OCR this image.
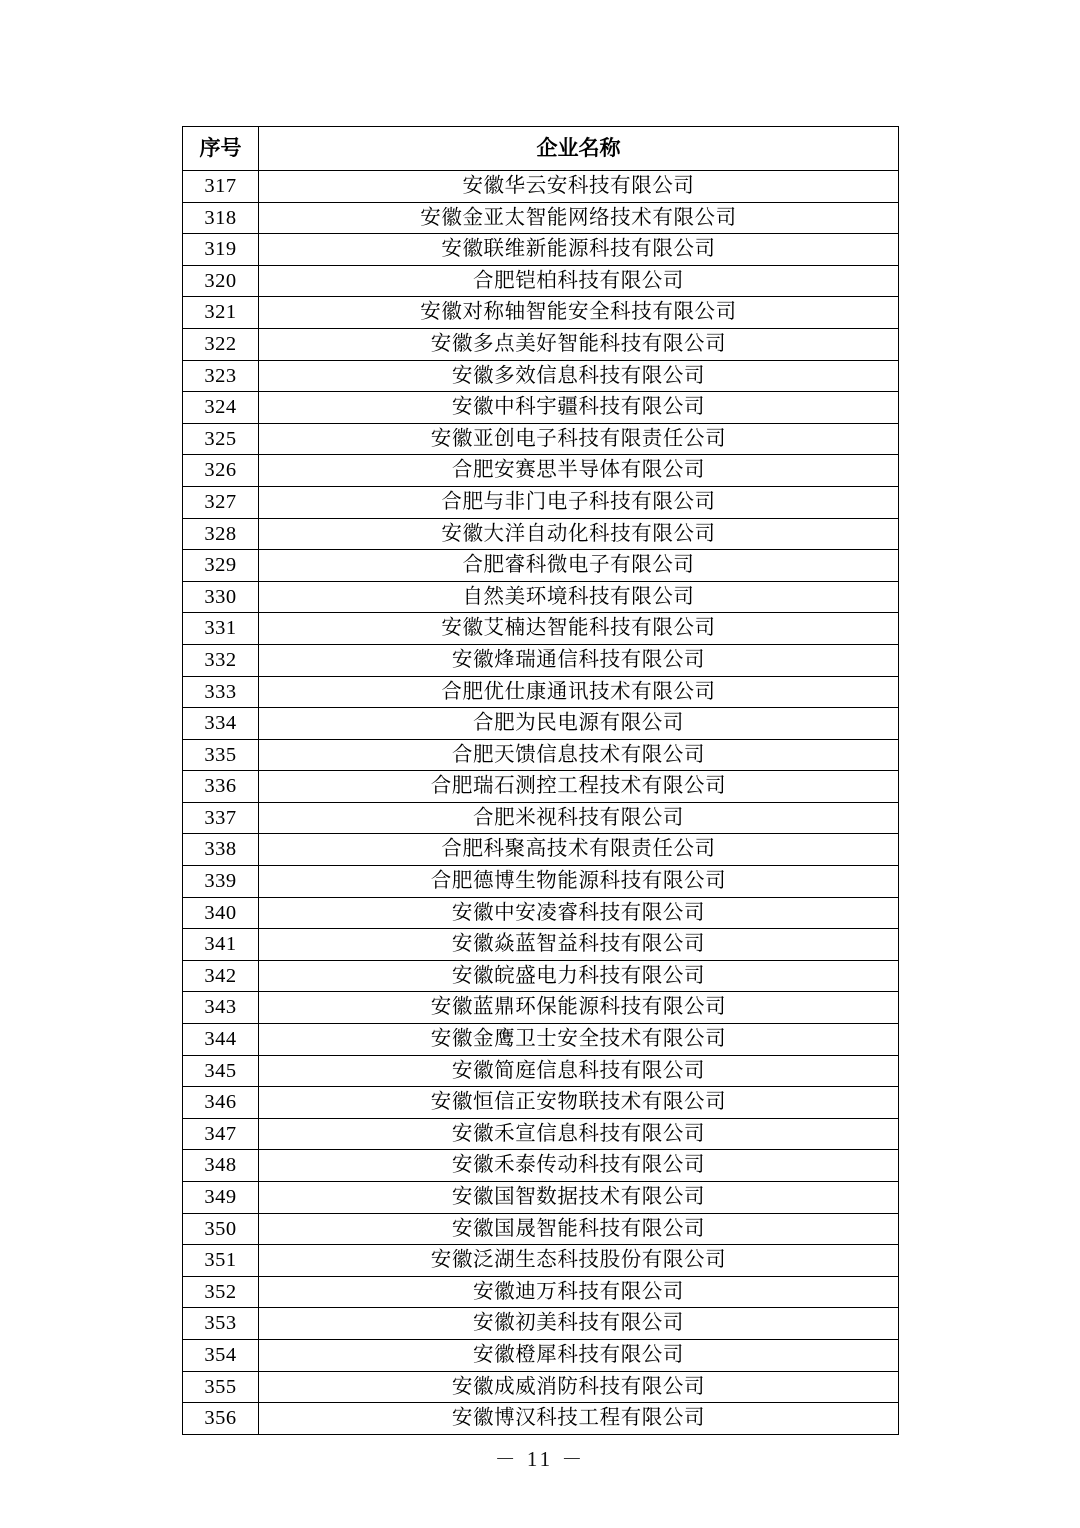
序号	企业名称
317	安徽华云安科技有限公司
318	安徽金亚太智能网络技术有限公司
319	安徽联维新能源科技有限公司
320	合肥铠柏科技有限公司
321	安徽对称轴智能安全科技有限公司
322	安徽多点美好智能科技有限公司
323	安徽多效信息科技有限公司
324	安徽中科宇疆科技有限公司
325	安徽亚创电子科技有限责任公司
326	合肥安赛思半导体有限公司
327	合肥与非门电子科技有限公司
328	安徽大洋自动化科技有限公司
329	合肥睿科微电子有限公司
330	自然美环境科技有限公司
331	安徽艾楠达智能科技有限公司
332	安徽烽瑞通信科技有限公司
333	合肥优仕康通讯技术有限公司
334	合肥为民电源有限公司
335	合肥天馈信息技术有限公司
336	合肥瑞石测控工程技术有限公司
337	合肥米视科技有限公司
338	合肥科聚高技术有限责任公司
339	合肥德博生物能源科技有限公司
340	安徽中安凌睿科技有限公司
341	安徽焱蓝智益科技有限公司
342	安徽皖盛电力科技有限公司
343	安徽蓝鼎环保能源科技有限公司
344	安徽金鹰卫士安全技术有限公司
345	安徽简庭信息科技有限公司
346	安徽恒信正安物联技术有限公司
347	安徽禾宣信息科技有限公司
348	安徽禾泰传动科技有限公司
349	安徽国智数据技术有限公司
350	安徽国晟智能科技有限公司
351	安徽泛湖生态科技股份有限公司
352	安徽迪万科技有限公司
353	安徽初美科技有限公司
354	安徽橙犀科技有限公司
355	安徽成威消防科技有限公司
356	安徽博汉科技工程有限公司
－ 11 －
